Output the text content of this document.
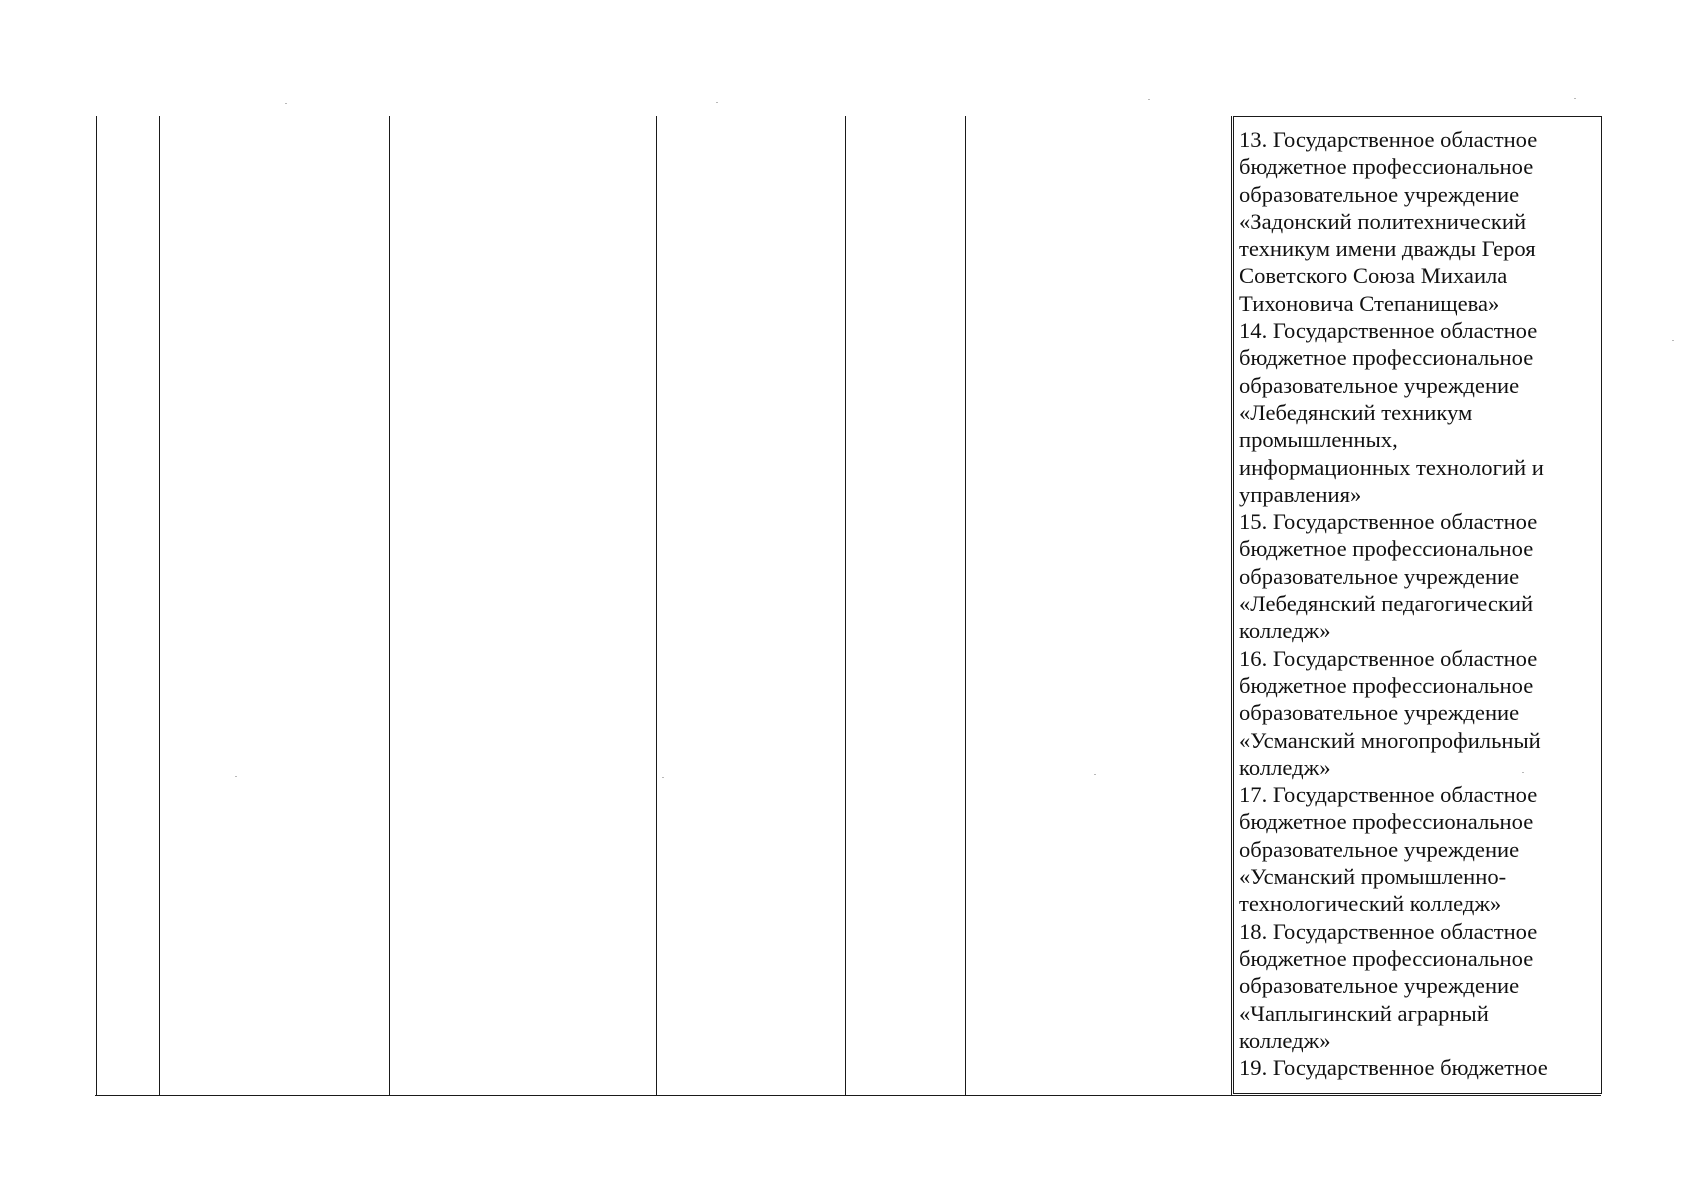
13. Государственное областное
бюджетное профессиональное
образовательное учреждение
«Задонский политехнический
техникум имени дважды Героя
Советского Союза Михаила
Тихоновича Степанищева»
14. Государственное областное
бюджетное профессиональное
образовательное учреждение
«Лебедянский техникум
промышленных,
информационных технологий и
управления»
15. Государственное областное
бюджетное профессиональное
образовательное учреждение
«Лебедянский педагогический
колледж»
16. Государственное областное
бюджетное профессиональное
образовательное учреждение
«Усманский многопрофильный
колледж»
17. Государственное областное
бюджетное профессиональное
образовательное учреждение
«Усманский промышленно-
технологический колледж»
18. Государственное областное
бюджетное профессиональное
образовательное учреждение
«Чаплыгинский аграрный
колледж»
19. Государственное бюджетное
